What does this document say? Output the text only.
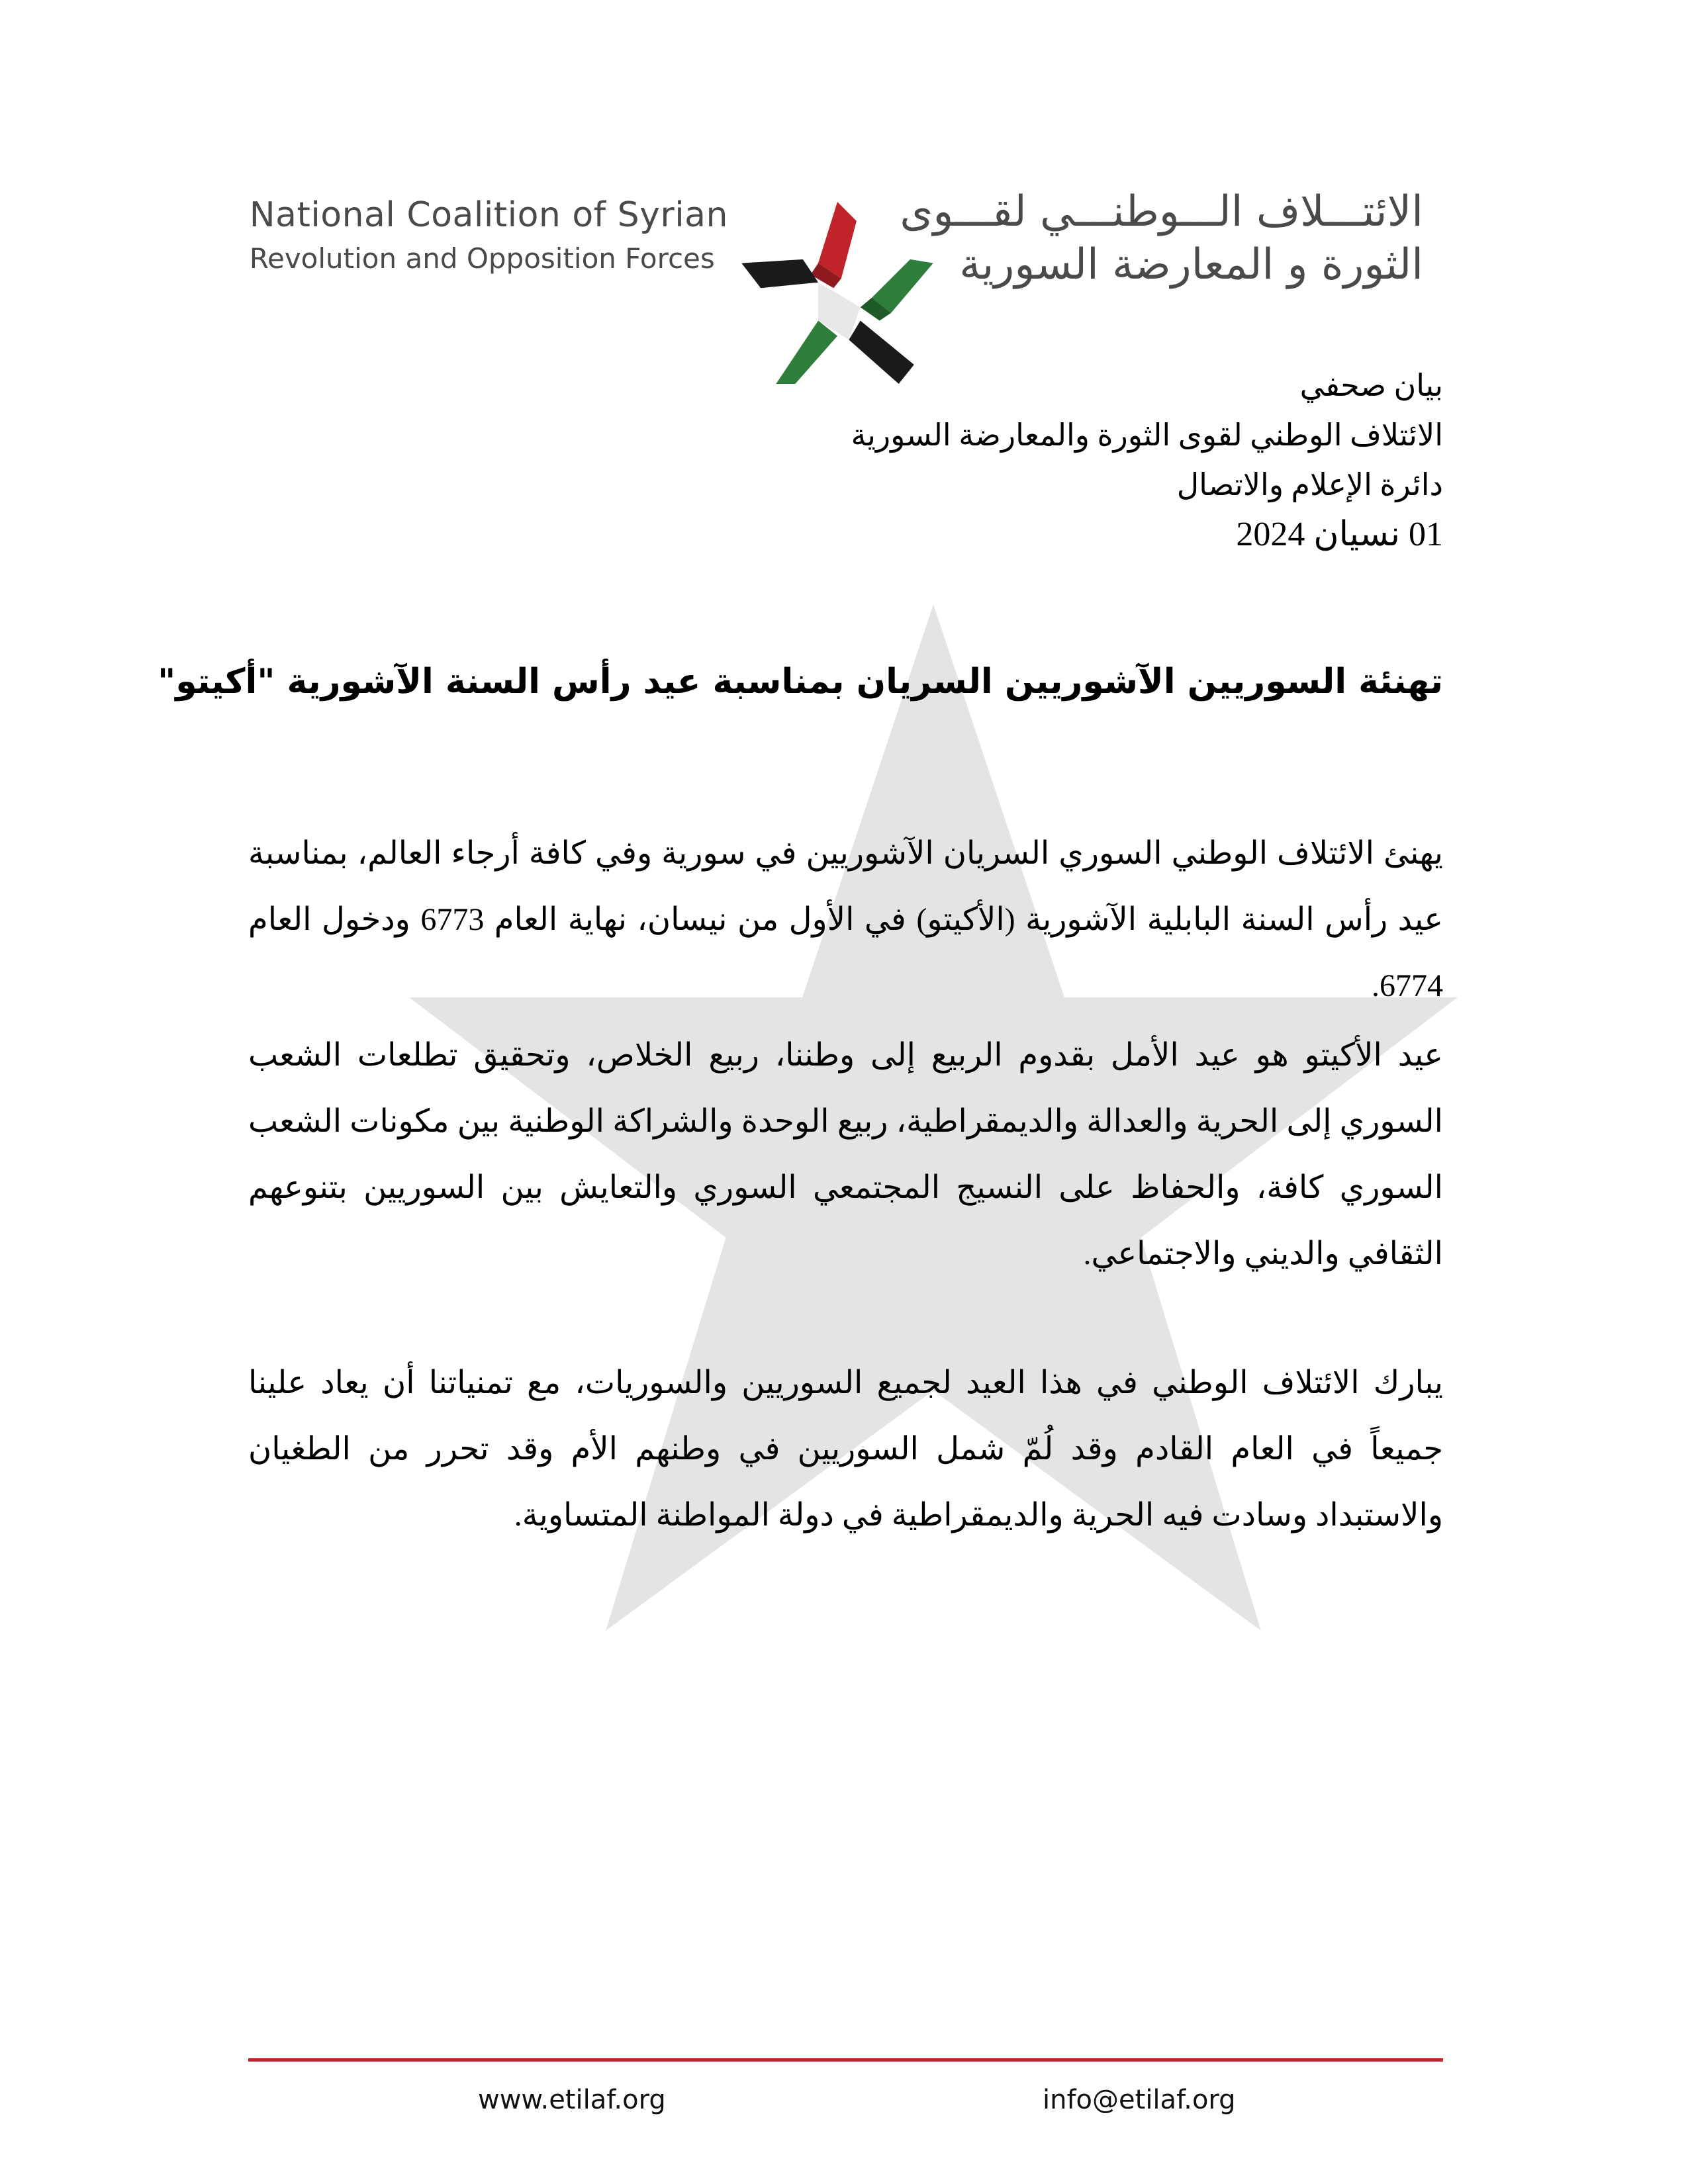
National Coalition of Syrian
Revolution and Opposition Forces
الائتـــلاف الـــوطنـــي لقـــوى
الثورة و المعارضة السورية
بيان صحفي
الائتلاف الوطني لقوى الثورة والمعارضة السورية
دائرة الإعلام والاتصال
01 نسيان 2024
تهنئة السوريين الآشوريين السريان بمناسبة عيد رأس السنة الآشورية "أكيتو"
يهنئ الائتلاف الوطني السوري السريان الآشوريين في سورية وفي كافة أرجاء العالم، بمناسبة عيد رأس السنة البابلية الآشورية (الأكيتو) في الأول من نيسان، نهاية العام 6773 ودخول العام 6774.
عيد الأكيتو هو عيد الأمل بقدوم الربيع إلى وطننا، ربيع الخلاص، وتحقيق تطلعات الشعب السوري إلى الحرية والعدالة والديمقراطية، ربيع الوحدة والشراكة الوطنية بين مكونات الشعب السوري كافة، والحفاظ على النسيج المجتمعي السوري والتعايش بين السوريين بتنوعهم الثقافي والديني والاجتماعي.
يبارك الائتلاف الوطني في هذا العيد لجميع السوريين والسوريات، مع تمنياتنا أن يعاد علينا جميعاً في العام القادم وقد لُمّ شمل السوريين في وطنهم الأم وقد تحرر من الطغيان والاستبداد وسادت فيه الحرية والديمقراطية في دولة المواطنة المتساوية.
www.etilaf.org	info@etilaf.org
